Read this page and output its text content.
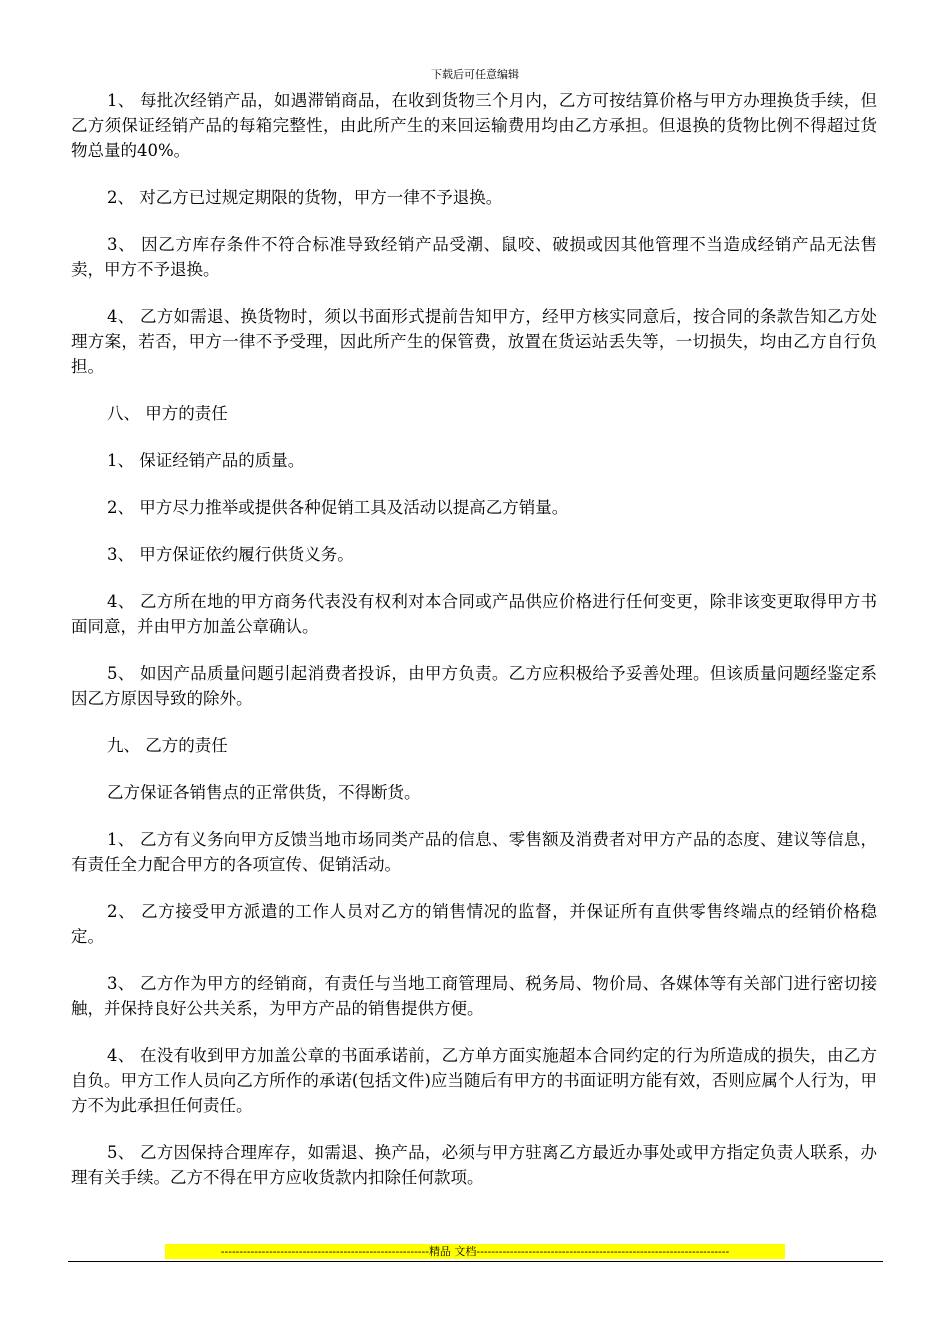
下载后可任意编辑

1、 每批次经销产品，如遇滞销商品，在收到货物三个月内，乙方可按结算价格与甲方办理换货手续，但乙方须保证经销产品的每箱完整性，由此所产生的来回运输费用均由乙方承担。但退换的货物比例不得超过货物总量的40%。

2、 对乙方已过规定期限的货物，甲方一律不予退换。

3、 因乙方库存条件不符合标准导致经销产品受潮、鼠咬、破损或因其他管理不当造成经销产品无法售卖，甲方不予退换。

4、 乙方如需退、换货物时，须以书面形式提前告知甲方，经甲方核实同意后，按合同的条款告知乙方处理方案，若否，甲方一律不予受理，因此所产生的保管费，放置在货运站丢失等，一切损失，均由乙方自行负担。

八、 甲方的责任

1、 保证经销产品的质量。

2、 甲方尽力推举或提供各种促销工具及活动以提高乙方销量。

3、 甲方保证依约履行供货义务。

4、 乙方所在地的甲方商务代表没有权利对本合同或产品供应价格进行任何变更，除非该变更取得甲方书面同意，并由甲方加盖公章确认。

5、 如因产品质量问题引起消费者投诉，由甲方负责。乙方应积极给予妥善处理。但该质量问题经鉴定系因乙方原因导致的除外。

九、 乙方的责任

乙方保证各销售点的正常供货，不得断货。

1、 乙方有义务向甲方反馈当地市场同类产品的信息、零售额及消费者对甲方产品的态度、建议等信息，有责任全力配合甲方的各项宣传、促销活动。

2、 乙方接受甲方派遣的工作人员对乙方的销售情况的监督，并保证所有直供零售终端点的经销价格稳定。

3、 乙方作为甲方的经销商，有责任与当地工商管理局、税务局、物价局、各媒体等有关部门进行密切接触，并保持良好公共关系，为甲方产品的销售提供方便。

4、 在没有收到甲方加盖公章的书面承诺前，乙方单方面实施超本合同约定的行为所造成的损失，由乙方自负。甲方工作人员向乙方所作的承诺(包括文件)应当随后有甲方的书面证明方能有效，否则应属个人行为，甲方不为此承担任何责任。

5、 乙方因保持合理库存，如需退、换产品，必须与甲方驻离乙方最近办事处或甲方指定负责人联系，办理有关手续。乙方不得在甲方应收货款内扣除任何款项。

--------------------------------------------------------精品 文档--------------------------------------------------------------------
